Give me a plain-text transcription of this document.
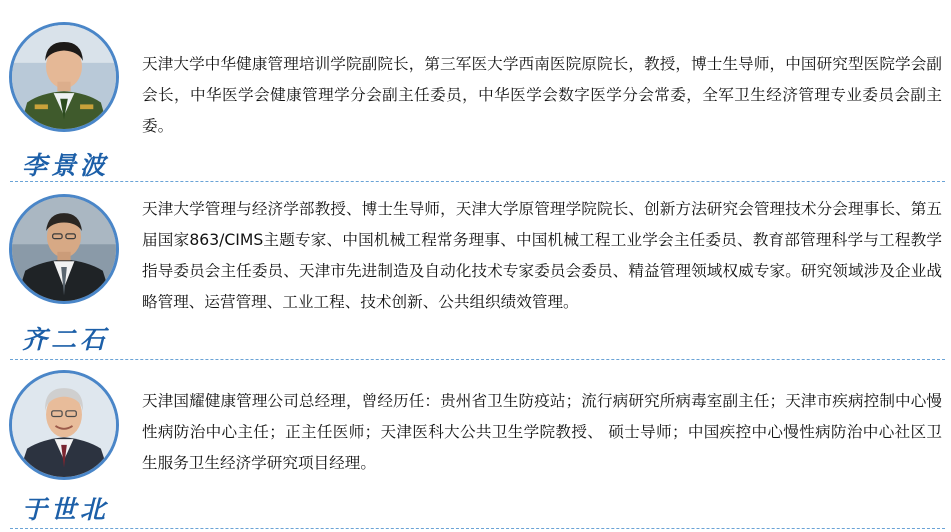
李景波
天津大学中华健康管理培训学院副院长，第三军医大学西南医院原院长，教授，博士生导师，中国研究型医院学会副会长，中华医学会健康管理学分会副主任委员，中华医学会数字医学分会常委，全军卫生经济管理专业委员会副主委。
齐二石
天津大学管理与经济学部教授、博士生导师，天津大学原管理学院院长、创新方法研究会管理技术分会理事长、第五届国家863/CIMS主题专家、中国机械工程常务理事、中国机械工程工业学会主任委员、教育部管理科学与工程教学指导委员会主任委员、天津市先进制造及自动化技术专家委员会委员、精益管理领域权威专家。研究领域涉及企业战略管理、运营管理、工业工程、技术创新、公共组织绩效管理。
于世北
天津国耀健康管理公司总经理，曾经历任：贵州省卫生防疫站；流行病研究所病毒室副主任；天津市疾病控制中心慢性病防治中心主任；正主任医师；天津医科大公共卫生学院教授、 硕士导师；中国疾控中心慢性病防治中心社区卫生服务卫生经济学研究项目经理。
